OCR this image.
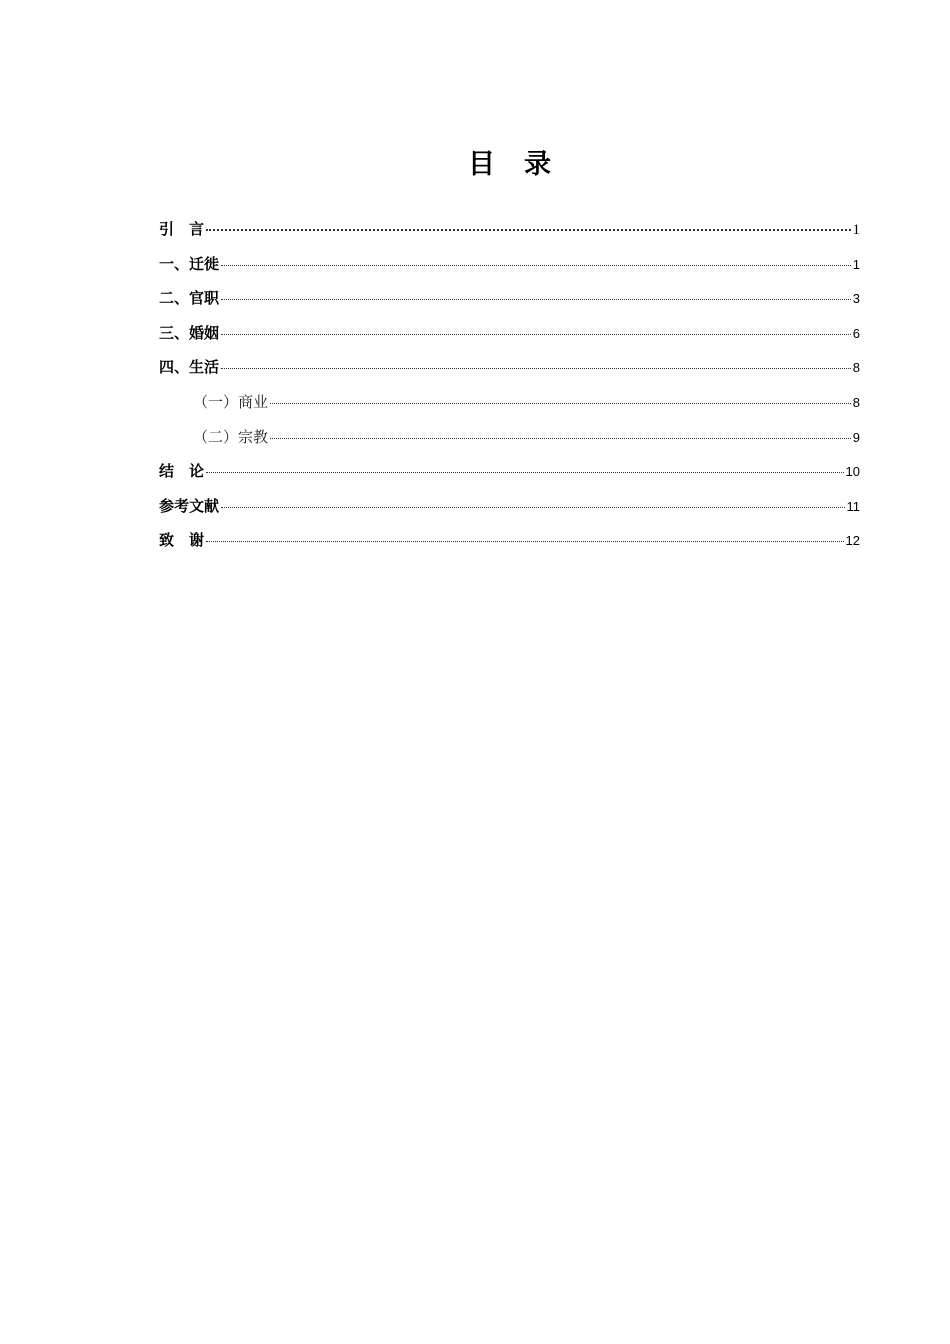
目　录
引　言	1
一、迁徙	1
二、官职	3
三、婚姻	6
四、生活	8
（一）商业	8
（二）宗教	9
结　论	10
参考文献	11
致　谢	12
